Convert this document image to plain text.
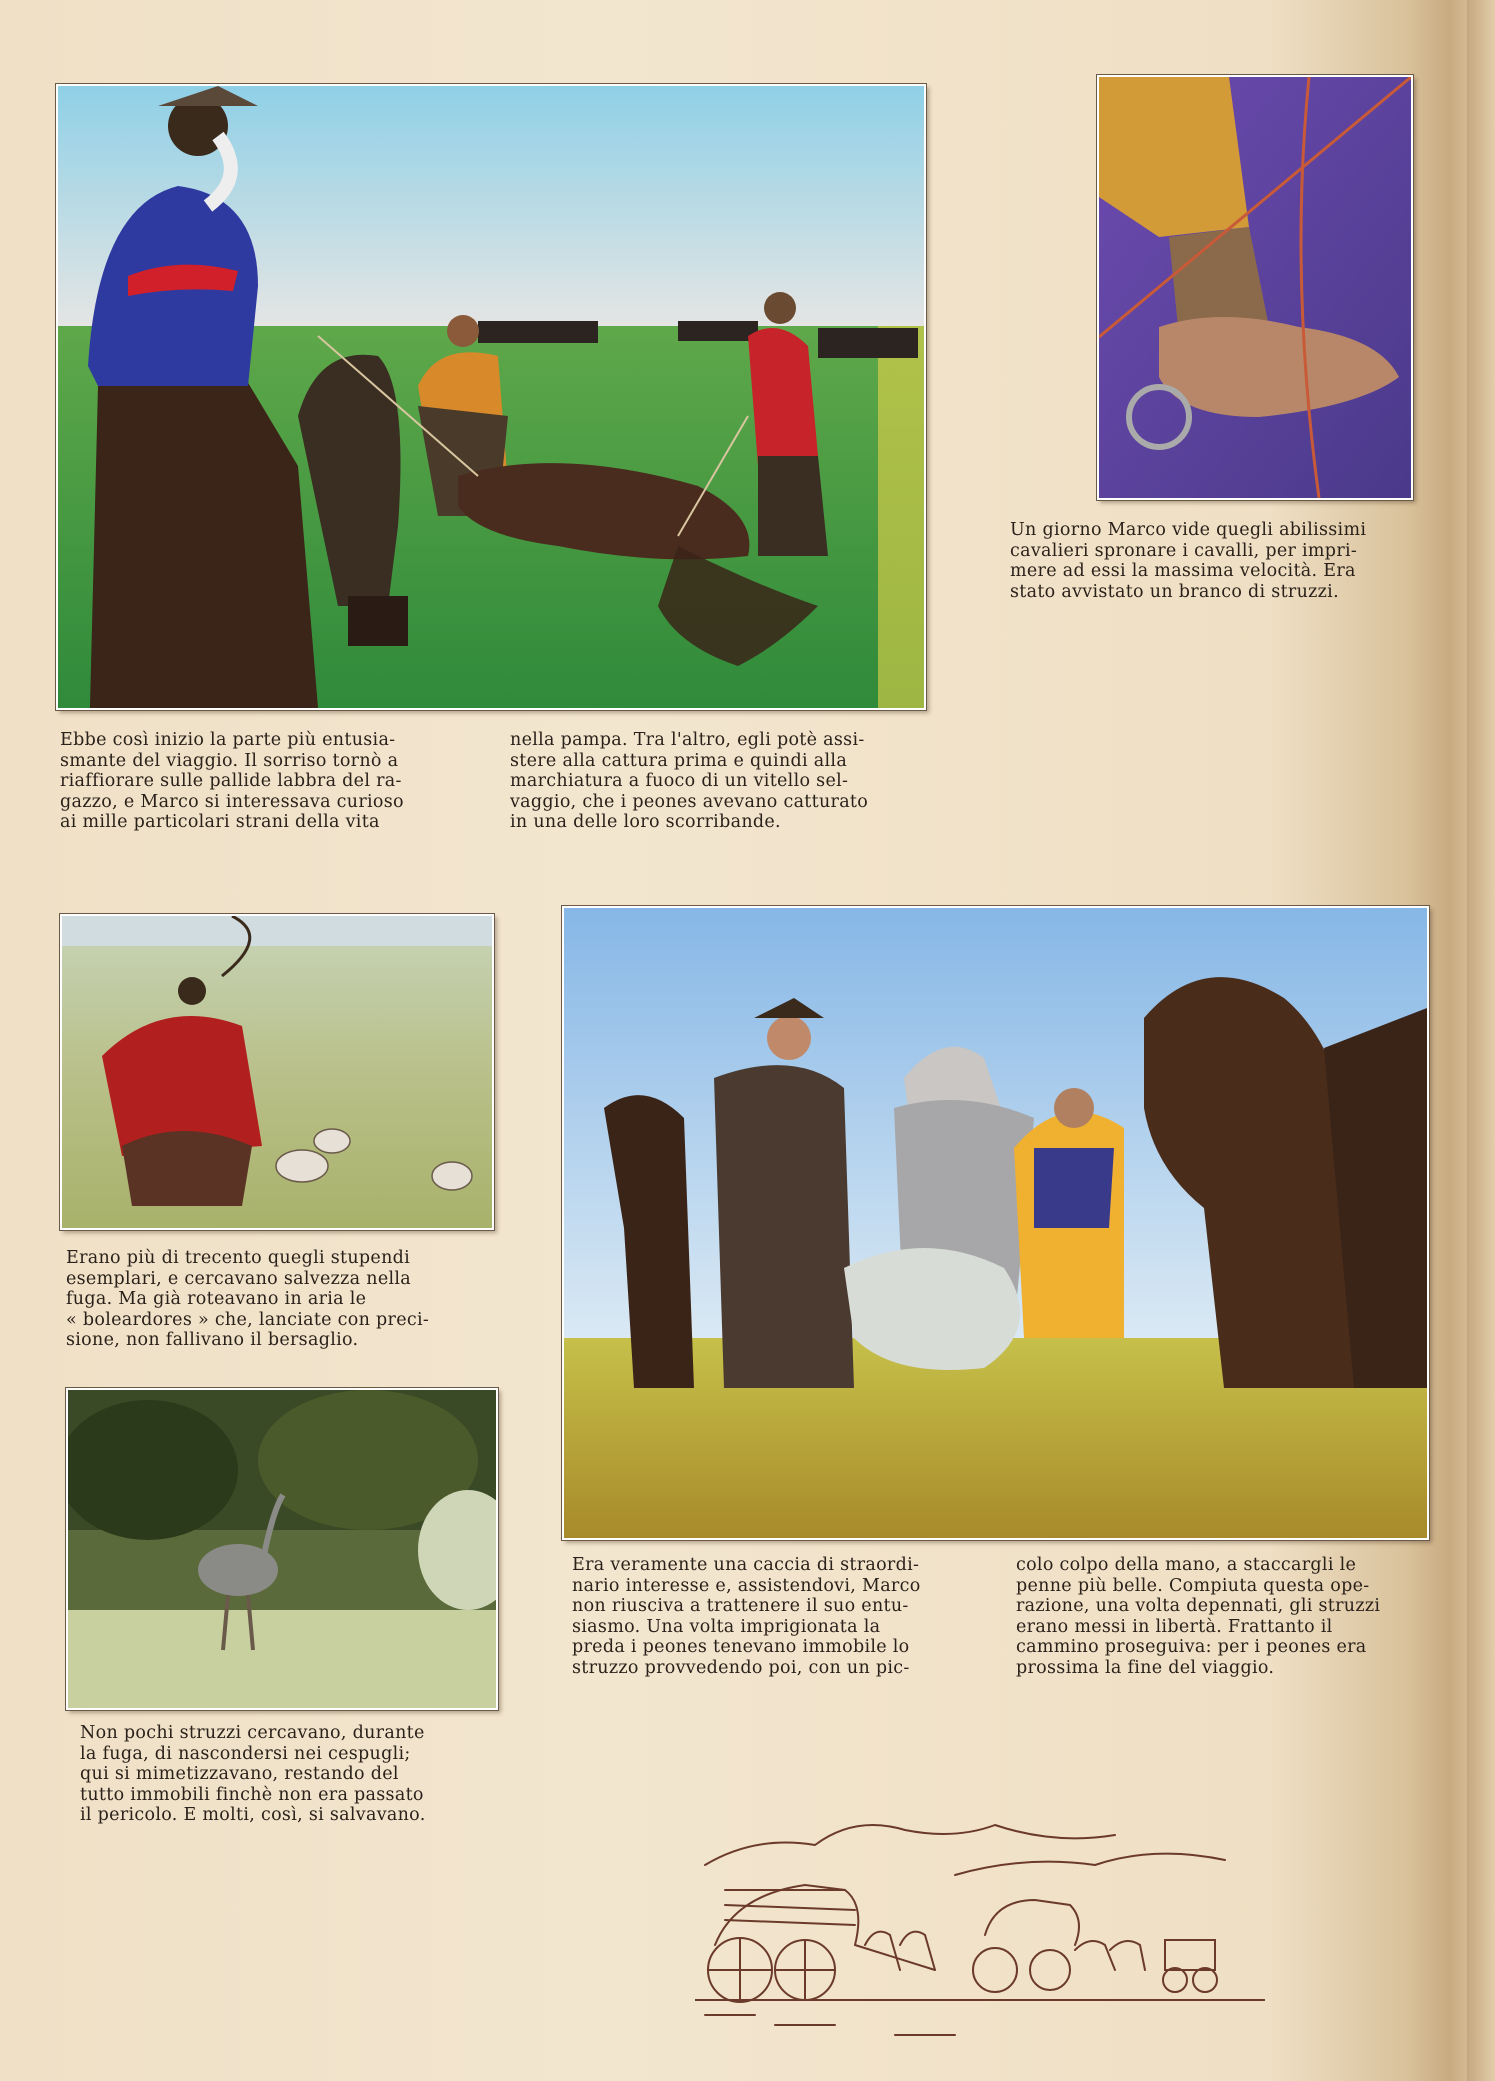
Un giorno Marco vide quegli abilissimi
cavalieri spronare i cavalli, per impri-
mere ad essi la massima velocità. Era
stato avvistato un branco di struzzi.
Ebbe così inizio la parte più entusia-
smante del viaggio. Il sorriso tornò a
riaffiorare sulle pallide labbra del ra-
gazzo, e Marco si interessava curioso
ai mille particolari strani della vita
nella pampa. Tra l'altro, egli potè assi-
stere alla cattura prima e quindi alla
marchiatura a fuoco di un vitello sel-
vaggio, che i peones avevano catturato
in una delle loro scorribande.
Erano più di trecento quegli stupendi
esemplari, e cercavano salvezza nella
fuga. Ma già roteavano in aria le
« boleardores » che, lanciate con preci-
sione, non fallivano il bersaglio.
Era veramente una caccia di straordi-
nario interesse e, assistendovi, Marco
non riusciva a trattenere il suo entu-
siasmo. Una volta imprigionata la
preda i peones tenevano immobile lo
struzzo provvedendo poi, con un pic-
colo colpo della mano, a staccargli le
penne più belle. Compiuta questa ope-
razione, una volta depennati, gli struzzi
erano messi in libertà. Frattanto il
cammino proseguiva: per i peones era
prossima la fine del viaggio.
Non pochi struzzi cercavano, durante
la fuga, di nascondersi nei cespugli;
qui si mimetizzavano, restando del
tutto immobili finchè non era passato
il pericolo. E molti, così, si salvavano.
